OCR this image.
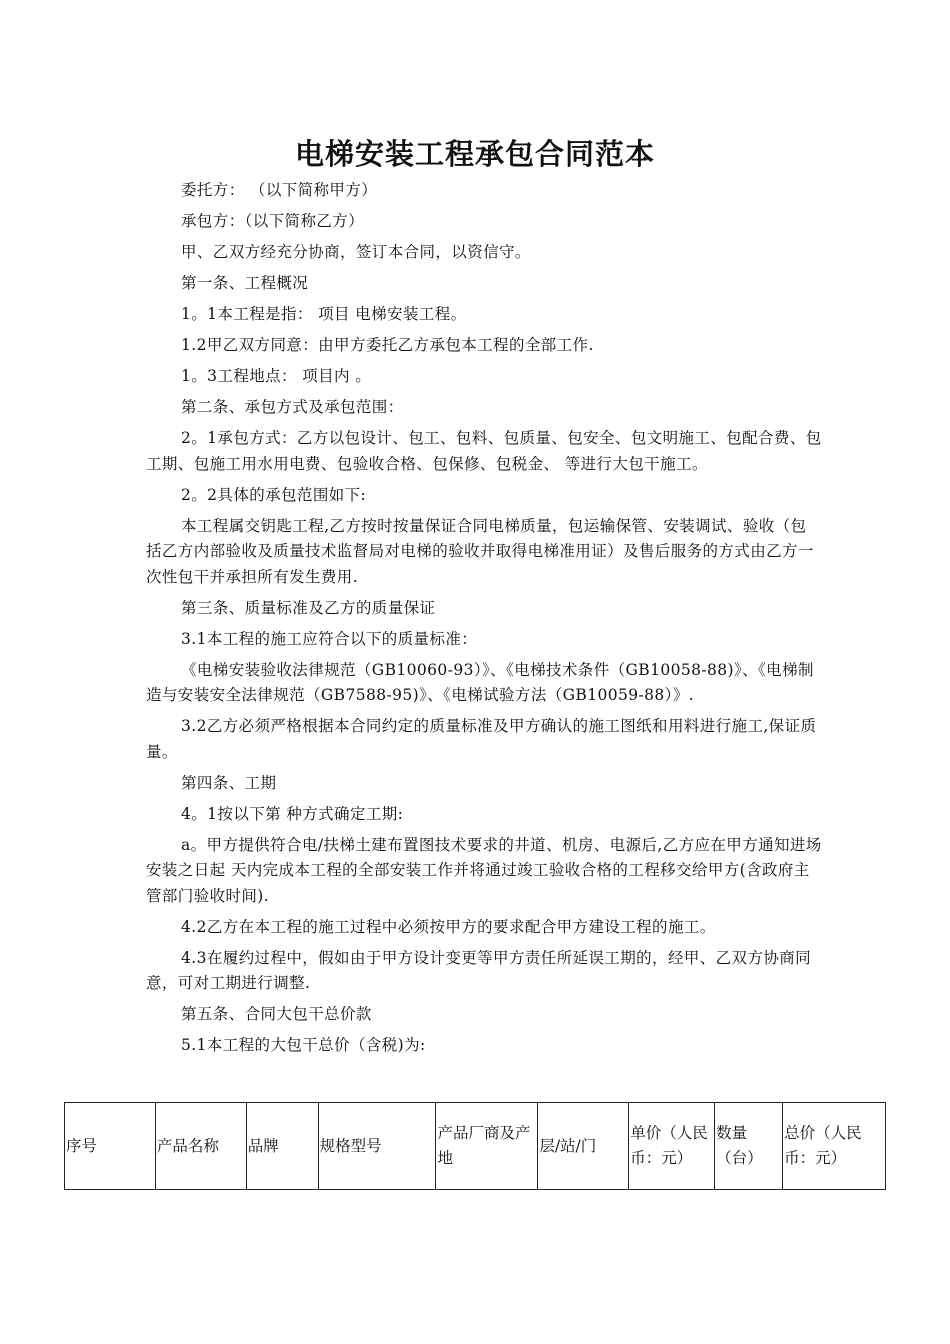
电梯安装工程承包合同范本

委托方： （以下简称甲方）

承包方：（以下简称乙方）

甲、乙双方经充分协商，签订本合同，以资信守。

第一条、工程概况

1。1本工程是指： 项目 电梯安装工程。

1.2甲乙双方同意：由甲方委托乙方承包本工程的全部工作.

1。3工程地点： 项目内 。

第二条、承包方式及承包范围：

2。1承包方式：乙方以包设计、包工、包料、包质量、包安全、包文明施工、包配合费、包工期、包施工用水用电费、包验收合格、包保修、包税金、 等进行大包干施工。

2。2具体的承包范围如下:

本工程属交钥匙工程,乙方按时按量保证合同电梯质量，包运输保管、安装调试、验收（包括乙方内部验收及质量技术监督局对电梯的验收并取得电梯准用证）及售后服务的方式由乙方一次性包干并承担所有发生费用.

第三条、质量标准及乙方的质量保证

3.1本工程的施工应符合以下的质量标准：

《电梯安装验收法律规范（GB10060-93）》、《电梯技术条件（GB10058-88)》、《电梯制造与安装安全法律规范（GB7588-95)》、《电梯试验方法（GB10059-88）》.

3.2乙方必须严格根据本合同约定的质量标准及甲方确认的施工图纸和用料进行施工,保证质量。

第四条、工期

4。1按以下第 种方式确定工期:

a。甲方提供符合电/扶梯土建布置图技术要求的井道、机房、电源后,乙方应在甲方通知进场安装之日起 天内完成本工程的全部安装工作并将通过竣工验收合格的工程移交给甲方(含政府主管部门验收时间).

4.2乙方在本工程的施工过程中必须按甲方的要求配合甲方建设工程的施工。

4.3在履约过程中，假如由于甲方设计变更等甲方责任所延误工期的，经甲、乙双方协商同意，可对工期进行调整.

第五条、合同大包干总价款

5.1本工程的大包干总价（含税)为:

序号	产品名称	品牌	规格型号	产品厂商及产地	层/站/门	单价（人民币：元）	数量（台）	总价（人民币：元）
